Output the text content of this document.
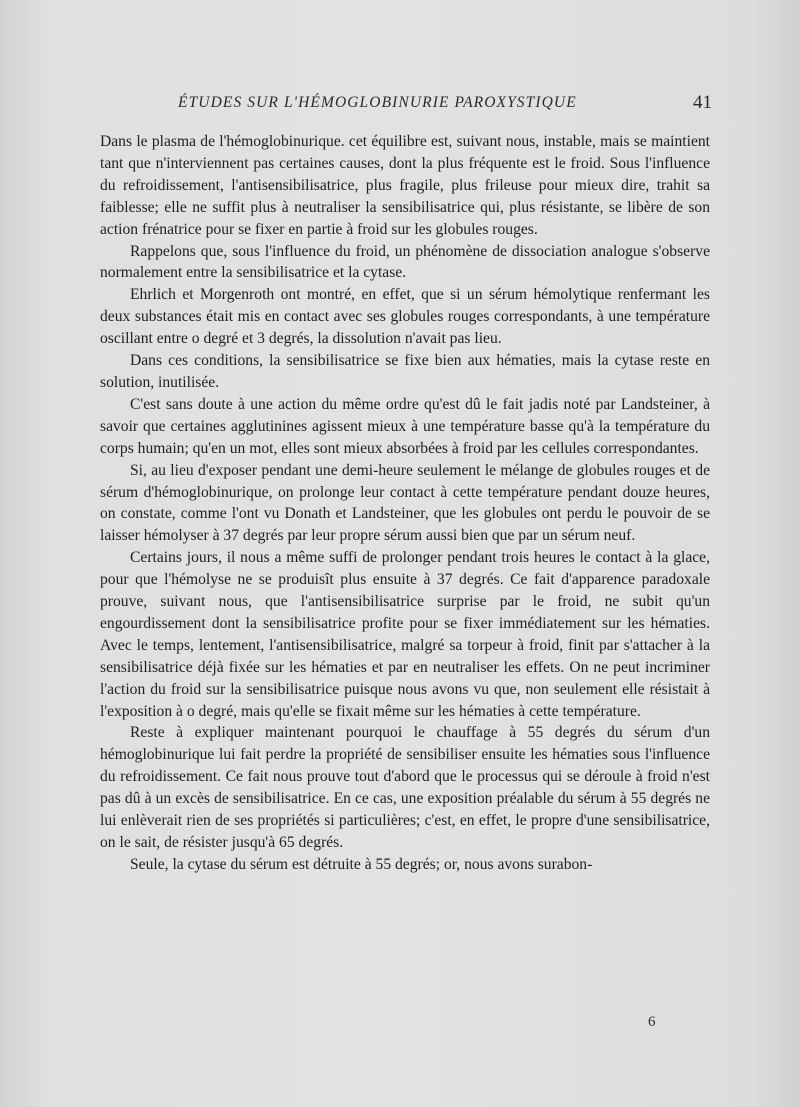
ÉTUDES SUR L'HÉMOGLOBINURIE PAROXYSTIQUE	41

Dans le plasma de l'hémoglobinurique. cet équilibre est, suivant nous, instable, mais se maintient tant que n'interviennent pas certaines causes, dont la plus fréquente est le froid. Sous l'influence du refroidissement, l'antisensibilisatrice, plus fragile, plus frileuse pour mieux dire, trahit sa faiblesse; elle ne suffit plus à neutraliser la sensibilisatrice qui, plus résistante, se libère de son action frénatrice pour se fixer en partie à froid sur les globules rouges.

Rappelons que, sous l'influence du froid, un phénomène de dissociation analogue s'observe normalement entre la sensibilisatrice et la cytase.

Ehrlich et Morgenroth ont montré, en effet, que si un sérum hémolytique renfermant les deux substances était mis en contact avec ses globules rouges correspondants, à une température oscillant entre o degré et 3 degrés, la dissolution n'avait pas lieu.

Dans ces conditions, la sensibilisatrice se fixe bien aux hématies, mais la cytase reste en solution, inutilisée.

C'est sans doute à une action du même ordre qu'est dû le fait jadis noté par Landsteiner, à savoir que certaines agglutinines agissent mieux à une température basse qu'à la température du corps humain; qu'en un mot, elles sont mieux absorbées à froid par les cellules correspondantes.

Si, au lieu d'exposer pendant une demi-heure seulement le mélange de globules rouges et de sérum d'hémoglobinurique, on prolonge leur contact à cette température pendant douze heures, on constate, comme l'ont vu Donath et Landsteiner, que les globules ont perdu le pouvoir de se laisser hémolyser à 37 degrés par leur propre sérum aussi bien que par un sérum neuf.

Certains jours, il nous a même suffi de prolonger pendant trois heures le contact à la glace, pour que l'hémolyse ne se produisît plus ensuite à 37 degrés. Ce fait d'apparence paradoxale prouve, suivant nous, que l'antisensibilisatrice surprise par le froid, ne subit qu'un engourdissement dont la sensibilisatrice profite pour se fixer immédiatement sur les hématies. Avec le temps, lentement, l'antisensibilisatrice, malgré sa torpeur à froid, finit par s'attacher à la sensibilisatrice déjà fixée sur les hématies et par en neutraliser les effets. On ne peut incriminer l'action du froid sur la sensibilisatrice puisque nous avons vu que, non seulement elle résistait à l'exposition à o degré, mais qu'elle se fixait même sur les hématies à cette température.

Reste à expliquer maintenant pourquoi le chauffage à 55 degrés du sérum d'un hémoglobinurique lui fait perdre la propriété de sensibiliser ensuite les hématies sous l'influence du refroidissement. Ce fait nous prouve tout d'abord que le processus qui se déroule à froid n'est pas dû à un excès de sensibilisatrice. En ce cas, une exposition préalable du sérum à 55 degrés ne lui enlèverait rien de ses propriétés si particulières; c'est, en effet, le propre d'une sensibilisatrice, on le sait, de résister jusqu'à 65 degrés.

Seule, la cytase du sérum est détruite à 55 degrés; or, nous avons surabon-

6
